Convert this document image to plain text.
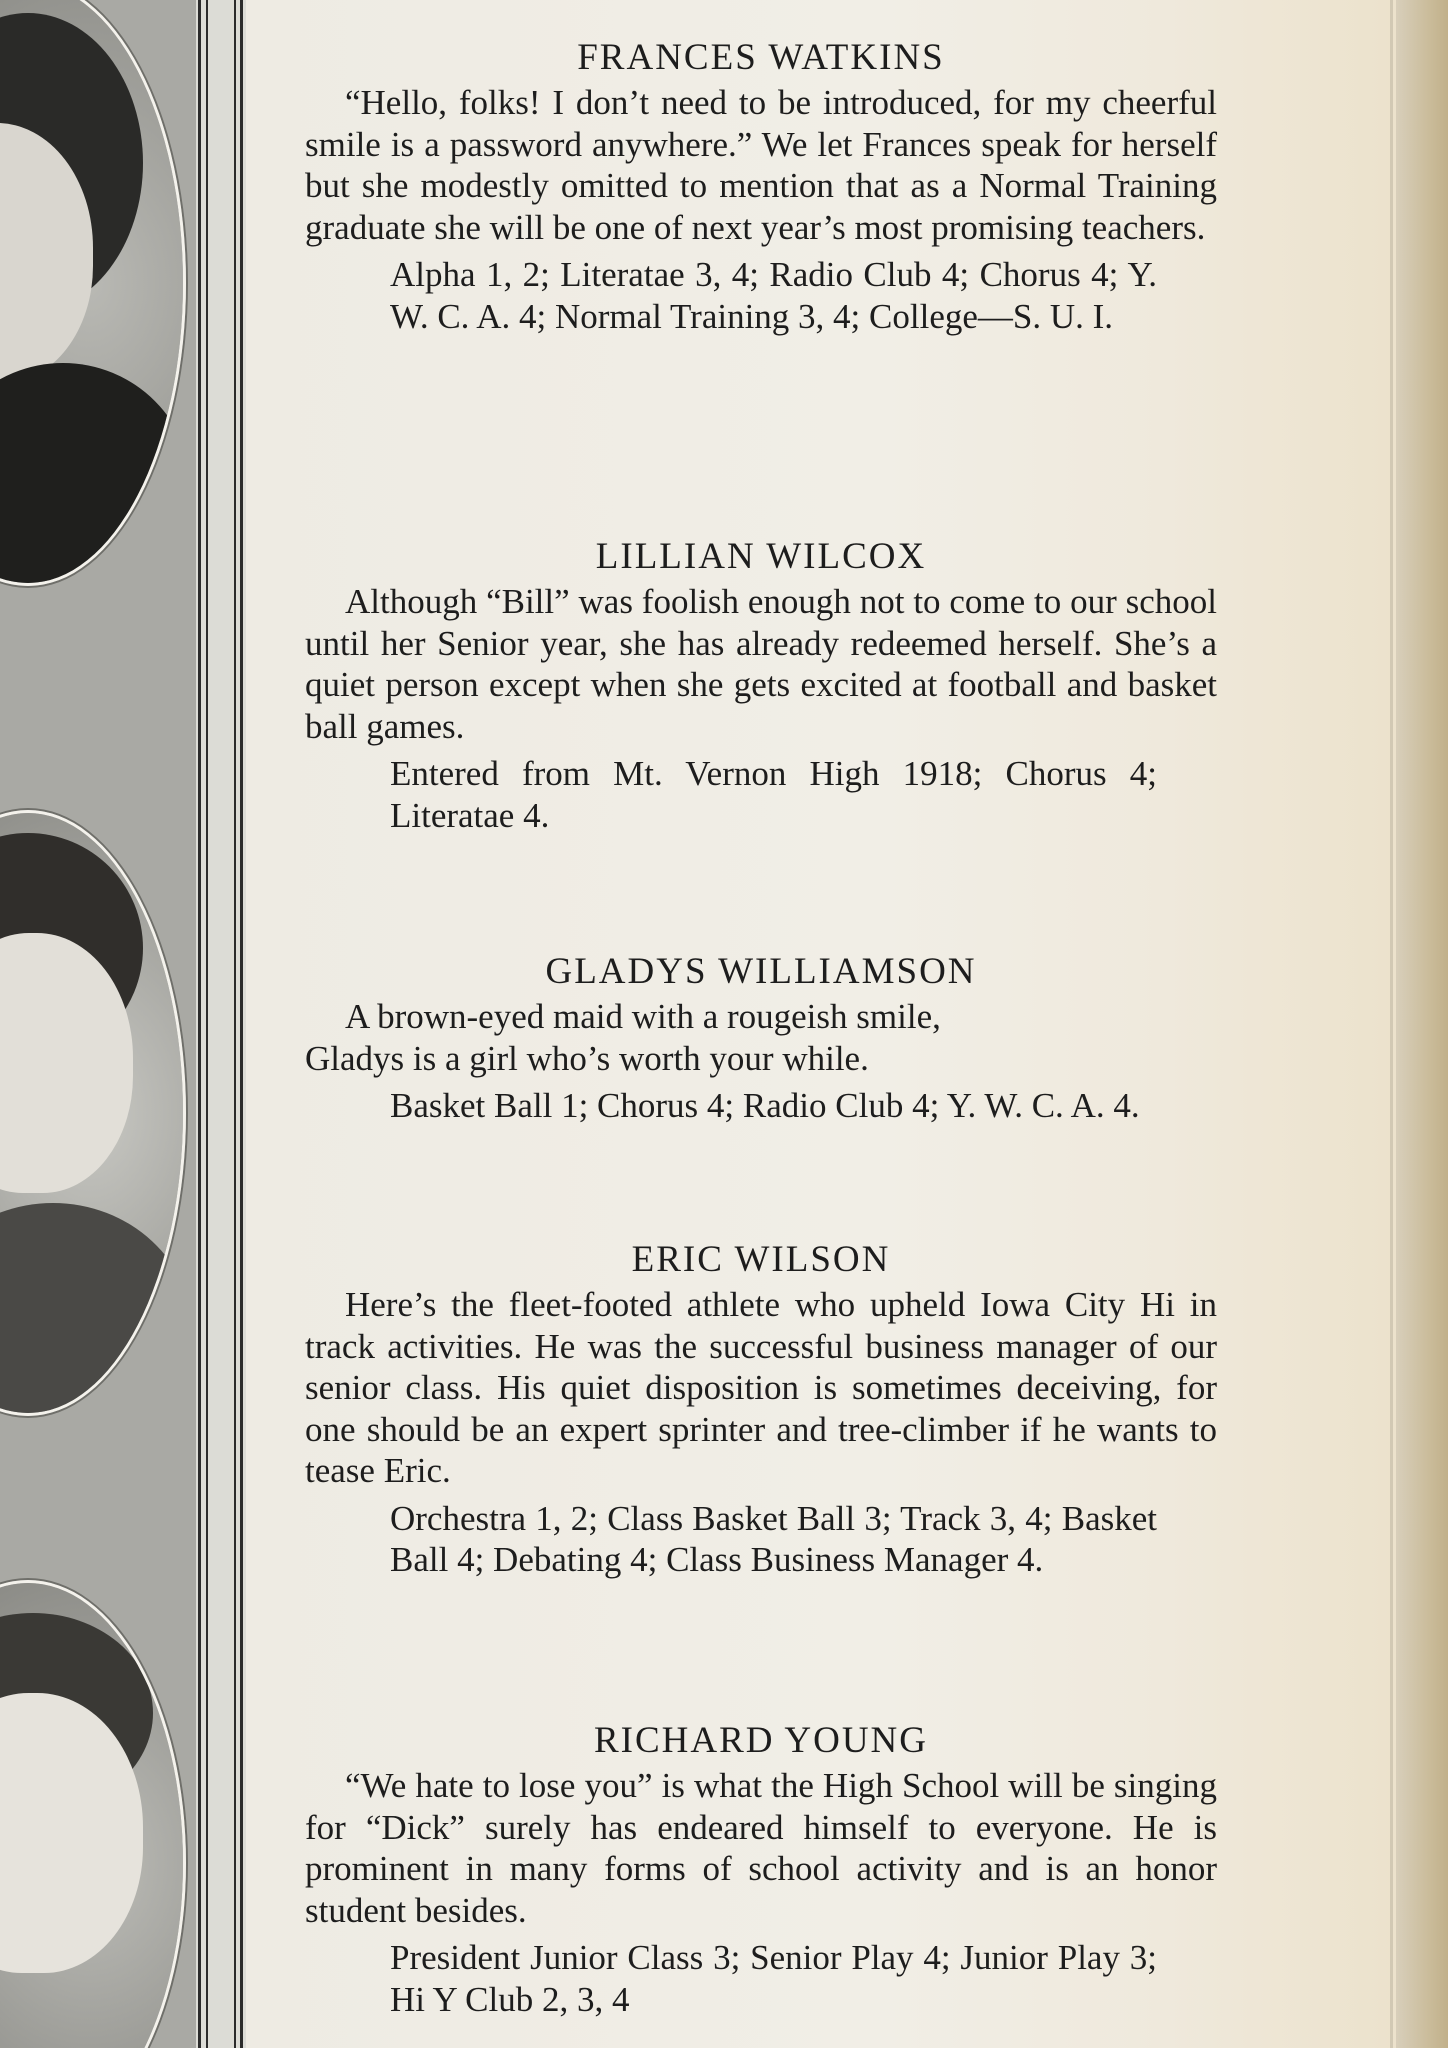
FRANCES WATKINS

“Hello, folks! I don’t need to be introduced, for my cheerful smile is a password anywhere.” We let Frances speak for herself but she modestly omitted to mention that as a Normal Training graduate she will be one of next year’s most promising teachers.

Alpha 1, 2; Literatae 3, 4; Radio Club 4; Chorus 4; Y. W. C. A. 4; Normal Training 3, 4; College—S. U. I.

LILLIAN WILCOX

Although “Bill” was foolish enough not to come to our school until her Senior year, she has already redeemed herself. She’s a quiet person except when she gets excited at football and basket ball games.

Entered from Mt. Vernon High 1918; Chorus 4; Literatae 4.

GLADYS WILLIAMSON

A brown-eyed maid with a rougeish smile,
Gladys is a girl who’s worth your while.

Basket Ball 1; Chorus 4; Radio Club 4; Y. W. C. A. 4.

ERIC WILSON

Here’s the fleet-footed athlete who upheld Iowa City Hi in track activities. He was the successful business manager of our senior class. His quiet disposition is sometimes deceiving, for one should be an expert sprinter and tree-climber if he wants to tease Eric.

Orchestra 1, 2; Class Basket Ball 3; Track 3, 4; Basket Ball 4; Debating 4; Class Business Manager 4.

RICHARD YOUNG

“We hate to lose you” is what the High School will be singing for “Dick” surely has endeared himself to everyone. He is prominent in many forms of school activity and is an honor student besides.

President Junior Class 3; Senior Play 4; Junior Play 3; Hi Y Club 2, 3, 4
